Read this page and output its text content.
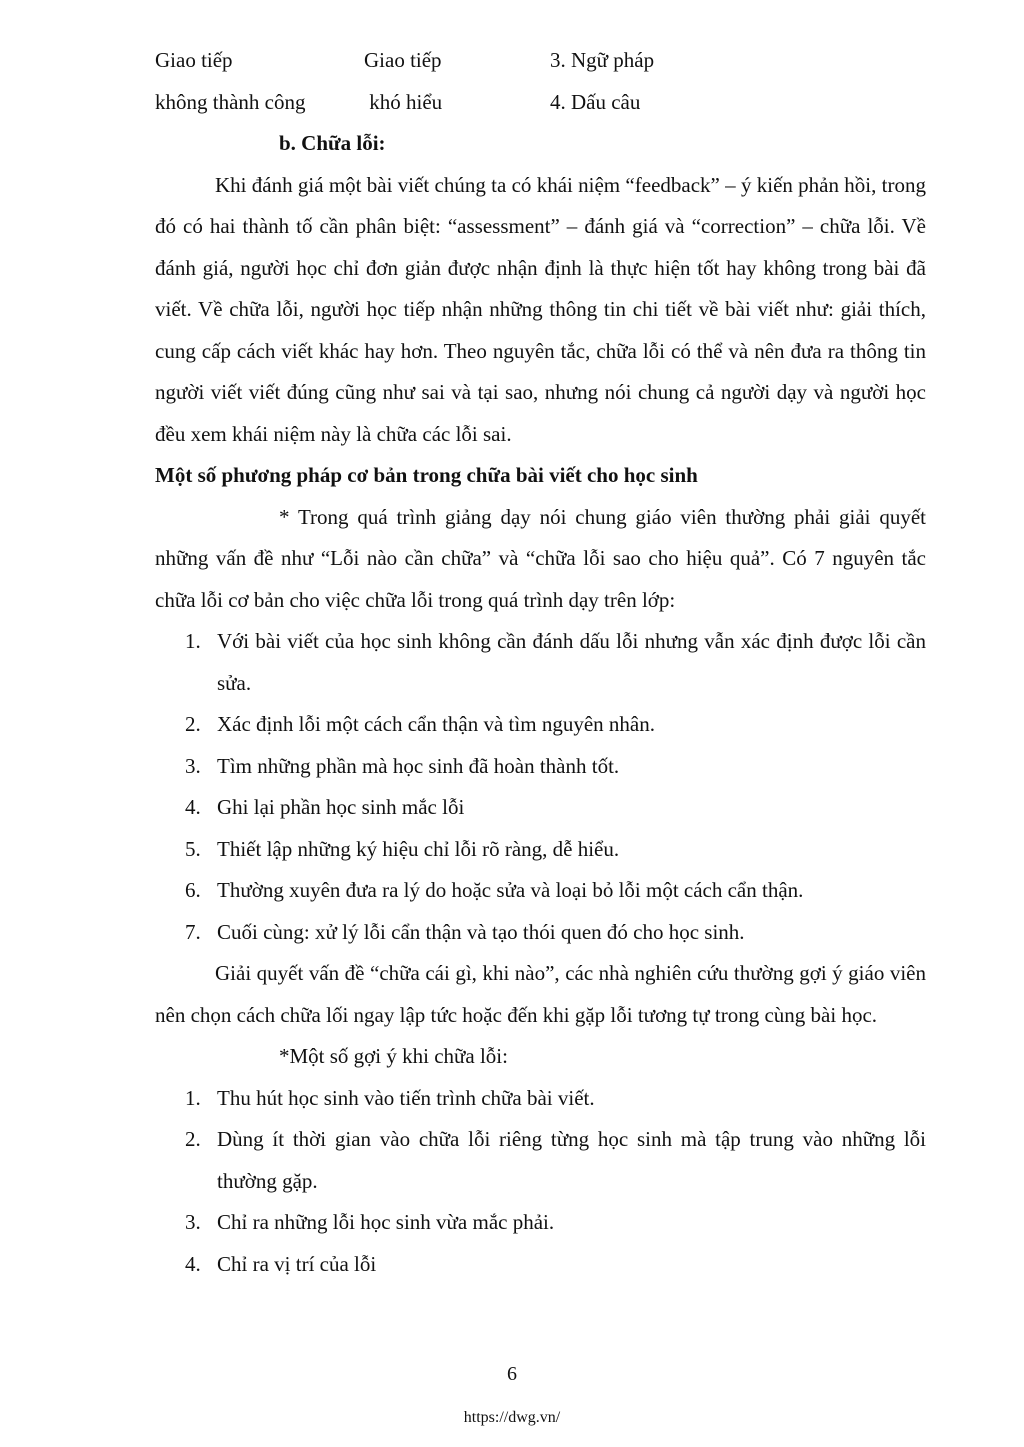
Giao tiếp	Giao tiếp	3. Ngữ pháp
không thành công	khó hiểu	4. Dấu câu
b. Chữa lỗi:

Khi đánh giá một bài viết chúng ta có khái niệm “feedback” – ý kiến phản hồi, trong đó có hai thành tố cần phân biệt: “assessment” – đánh giá và “correction” – chữa lỗi. Về đánh giá, người học chỉ đơn giản được nhận định là thực hiện tốt hay không trong bài đã viết. Về chữa lỗi, người học tiếp nhận những thông tin chi tiết về bài viết như: giải thích, cung cấp cách viết khác hay hơn. Theo nguyên tắc, chữa lỗi có thể và nên đưa ra thông tin người viết viết đúng cũng như sai và tại sao, nhưng nói chung cả người dạy và người học đều xem khái niệm này là chữa các lỗi sai.

Một số phương pháp cơ bản trong chữa bài viết cho học sinh

* Trong quá trình giảng dạy nói chung giáo viên thường phải giải quyết những vấn đề như “Lỗi nào cần chữa” và “chữa lỗi sao cho hiệu quả”. Có 7 nguyên tắc chữa lỗi cơ bản cho việc chữa lỗi trong quá trình dạy trên lớp:

1. Với bài viết của học sinh không cần đánh dấu lỗi nhưng vẫn xác định được lỗi cần sửa.
2. Xác định lỗi một cách cẩn thận và tìm nguyên nhân.
3. Tìm những phần mà học sinh đã hoàn thành tốt.
4. Ghi lại phần học sinh mắc lỗi
5. Thiết lập những ký hiệu chỉ lỗi rõ ràng, dễ hiểu.
6. Thường xuyên đưa ra lý do hoặc sửa và loại bỏ lỗi một cách cẩn thận.
7. Cuối cùng: xử lý lỗi cẩn thận và tạo thói quen đó cho học sinh.

Giải quyết vấn đề “chữa cái gì, khi nào”, các nhà nghiên cứu thường gợi ý giáo viên nên chọn cách chữa lối ngay lập tức hoặc đến khi gặp lỗi tương tự trong cùng bài học.

*Một số gợi ý khi chữa lỗi:
1. Thu hút học sinh vào tiến trình chữa bài viết.
2. Dùng ít thời gian vào chữa lỗi riêng từng học sinh mà tập trung vào những lỗi thường gặp.
3. Chỉ ra những lỗi học sinh vừa mắc phải.
4. Chỉ ra vị trí của lỗi
6
https://dwg.vn/
